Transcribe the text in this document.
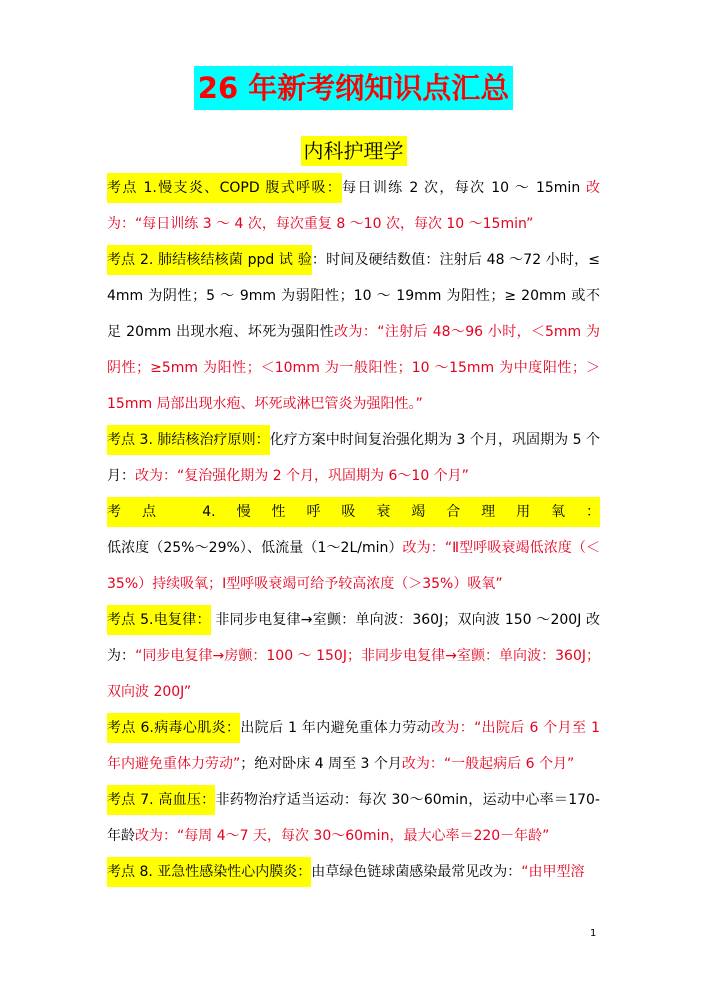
26 年新考纲知识点汇总
内科护理学

考点 1.慢支炎、COPD 腹式呼吸：每日训练 2 次，每次 10 ～ 15min 改为：“每日训练 3 ～ 4 次，每次重复 8 ～10 次，每次 10 ～15min”

考点 2. 肺结核结核菌 ppd 试 验：时间及硬结数值：注射后 48 ～72 小时，≤ 4mm 为阴性；5 ～ 9mm 为弱阳性；10 ～ 19mm 为阳性；≥ 20mm 或不足 20mm 出现水疱、坏死为强阳性改为：“注射后 48～96 小时，＜5mm 为阴性；≥5mm 为阳性；＜10mm 为一般阳性；10 ～15mm 为中度阳性；＞15mm 局部出现水疱、坏死或淋巴管炎为强阳性。”

考点 3. 肺结核治疗原则：化疗方案中时间复治强化期为 3 个月，巩固期为 5 个月：改为：“复治强化期为 2 个月，巩固期为 6～10 个月”

考点 4.慢性呼吸衰竭合理用氧：低浓度（25%～29%）、低流量（1～2L/min）改为：“Ⅱ型呼吸衰竭低浓度（＜35%）持续吸氧；Ⅰ型呼吸衰竭可给予较高浓度（＞35%）吸氧”

考点 5.电复律： 非同步电复律→室颤：单向波：360J；双向波 150 ～200J 改为：“同步电复律→房颤：100 ～ 150J；非同步电复律→室颤：单向波：360J；双向波 200J”

考点 6.病毒心肌炎：出院后 1 年内避免重体力劳动改为：“出院后 6 个月至 1 年内避免重体力劳动”；绝对卧床 4 周至 3 个月改为：“一般起病后 6 个月”

考点 7. 高血压：非药物治疗适当运动：每次 30～60min，运动中心率＝170-年龄改为：“每周 4～7 天，每次 30～60min，最大心率＝220－年龄”

考点 8. 亚急性感染性心内膜炎：由草绿色链球菌感染最常见改为：“由甲型溶

1
